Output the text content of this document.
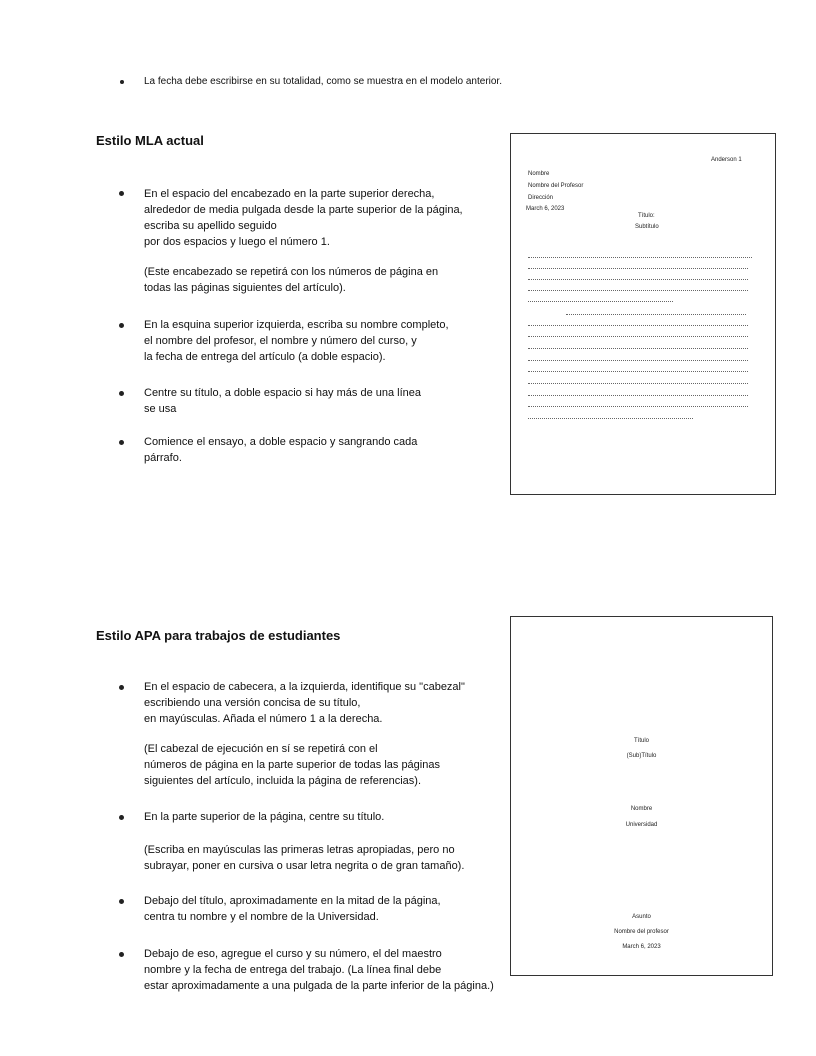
La fecha debe escribirse en su totalidad, como se muestra en el modelo anterior.
Estilo MLA actual
En el espacio del encabezado en la parte superior derecha,
alrededor de media pulgada desde la parte superior de la página,
escriba su apellido seguido
por dos espacios y luego el número 1.
(Este encabezado se repetirá con los números de página en
todas las páginas siguientes del artículo).
En la esquina superior izquierda, escriba su nombre completo,
el nombre del profesor, el nombre y número del curso, y
la fecha de entrega del artículo (a doble espacio).
Centre su título, a doble espacio si hay más de una línea
se usa
Comience el ensayo, a doble espacio y sangrando cada
párrafo.
Anderson 1
Nombre
Nombre del Profesor
Dirección
March 6, 2023
Título:
Subtítulo
Estilo APA para trabajos de estudiantes
En el espacio de cabecera, a la izquierda, identifique su "cabezal"
escribiendo una versión concisa de su título,
en mayúsculas. Añada el número 1 a la derecha.
(El cabezal de ejecución en sí se repetirá con el
números de página en la parte superior de todas las páginas
siguientes del artículo, incluida la página de referencias).
En la parte superior de la página, centre su título.
(Escriba en mayúsculas las primeras letras apropiadas, pero no
subrayar, poner en cursiva o usar letra negrita o de gran tamaño).
Debajo del título, aproximadamente en la mitad de la página,
centra tu nombre y el nombre de la Universidad.
Debajo de eso, agregue el curso y su número, el del maestro
nombre y la fecha de entrega del trabajo. (La línea final debe
estar aproximadamente a una pulgada de la parte inferior de la página.)
Título
(Sub)Título
Nombre
Universidad
Asunto
Nombre del profesor
March 6, 2023
